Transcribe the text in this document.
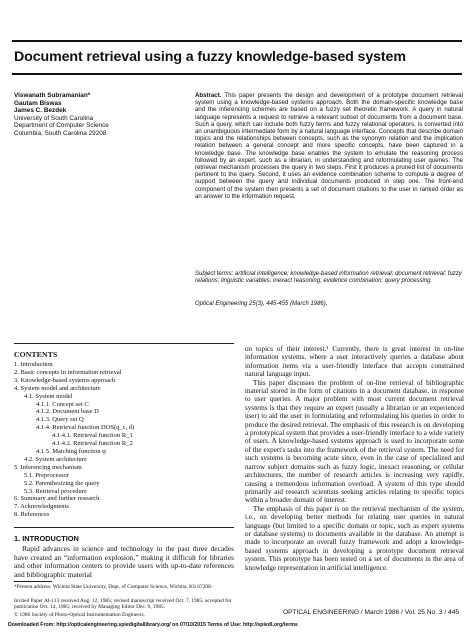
Document retrieval using a fuzzy knowledge-based system
Viswanath Subramanian*
Gautam Biswas
James C. Bezdek
University of South Carolina
Department of Computer Science
Columbia, South Carolina 29208
Abstract. This paper presents the design and development of a prototype document retrieval system using a knowledge-based systems approach. Both the domain-specific knowledge base and the inferencing schemes are based on a fuzzy set theoretic framework. A query in natural language represents a request to retrieve a relevant subset of documents from a document base. Such a query, which can include both fuzzy terms and fuzzy relational operators, is converted into an unambiguous intermediate form by a natural language interface. Concepts that describe domain topics and the relationships between concepts, such as the synonym relation and the implication relation between a general concept and more specific concepts, have been captured in a knowledge base. The knowledge base enables the system to emulate the reasoning process followed by an expert, such as a librarian, in understanding and reformulating user queries. The retrieval mechanism processes the query in two steps. First it produces a pruned list of documents pertinent to the query. Second, it uses an evidence combination scheme to compute a degree of support between the query and individual documents produced in step one. The front-end component of the system then presents a set of document citations to the user in ranked order as an answer to the information request.
Subject terms: artificial intelligence; knowledge-based information retrieval; document retrieval; fuzzy relations; linguistic variables; inexact reasoning; evidence combination; query processing.
Optical Engineering 25(3), 445-455 (March 1986).
CONTENTS
1. Introduction
2. Basic concepts in information retrieval
3. Knowledge-based systems approach
4. System model and architecture
4.1. System model
4.1.1. Concept set C
4.1.2. Document base D
4.1.3. Query set Q
4.1.4. Retrieval function DOS(q_c, d)
4.1.4.1. Retrieval function R_1
4.1.4.2. Retrieval function R_2
4.1.5. Matching function φ
4.2. System architecture
5. Inferencing mechanism
5.1. Preprocessor
5.2. Parenthesizing the query
5.3. Retrieval procedure
6. Summary and further research
7. Acknowledgments
8. References
1. INTRODUCTION
Rapid advances in science and technology in the past three decades have created an “information explosion,” making it difficult for libraries and other information centers to provide users with up-to-date references and bibliographic material
*Present address: Wichita State University, Dept. of Computer Science, Wichita, KS 67208.
Invited Paper AI-113 received Aug. 12, 1985; revised manuscript received Oct. 7, 1985; accepted for publication Oct. 14, 1985; received by Managing Editor Dec. 9, 1985.
© 1986 Society of Photo-Optical Instrumentation Engineers.

on topics of their interest.¹ Currently, there is great interest in on-line information systems, where a user interactively queries a database about information items via a user-friendly interface that accepts constrained natural language input.

This paper discusses the problem of on-line retrieval of bibliographic material stored in the form of citations in a document database, in response to user queries. A major problem with most current document retrieval systems is that they require an expert (usually a librarian or an experienced user) to aid the user in formulating and reformulating his queries in order to produce the desired retrieval. The emphasis of this research is on developing a prototypical system that provides a user-friendly interface to a wide variety of users. A knowledge-based systems approach is used to incorporate some of the expert's tasks into the framework of the retrieval system. The need for such systems is becoming acute since, even in the case of specialized and narrow subject domains such as fuzzy logic, inexact reasoning, or cellular architectures, the number of research articles is increasing very rapidly, causing a tremendous information overload. A system of this type should primarily aid research scientists seeking articles relating to specific topics within a broader domain of interest.

The emphasis of this paper is on the retrieval mechanism of the system, i.e., on developing better methods for relating user queries in natural language (but limited to a specific domain or topic, such as expert systems or database systems) to documents available in the database. An attempt is made to incorporate an overall fuzzy framework and adopt a knowledge-based systems approach in developing a prototype document retrieval system. This prototype has been tested on a set of documents in the area of knowledge representation in artificial intelligence.

OPTICAL ENGINEERING / March 1986 / Vol. 25 No. 3 / 445
Downloaded From: http://opticalengineering.spiedigitallibrary.org/ on 07/10/2015 Terms of Use: http://spiedl.org/terms
